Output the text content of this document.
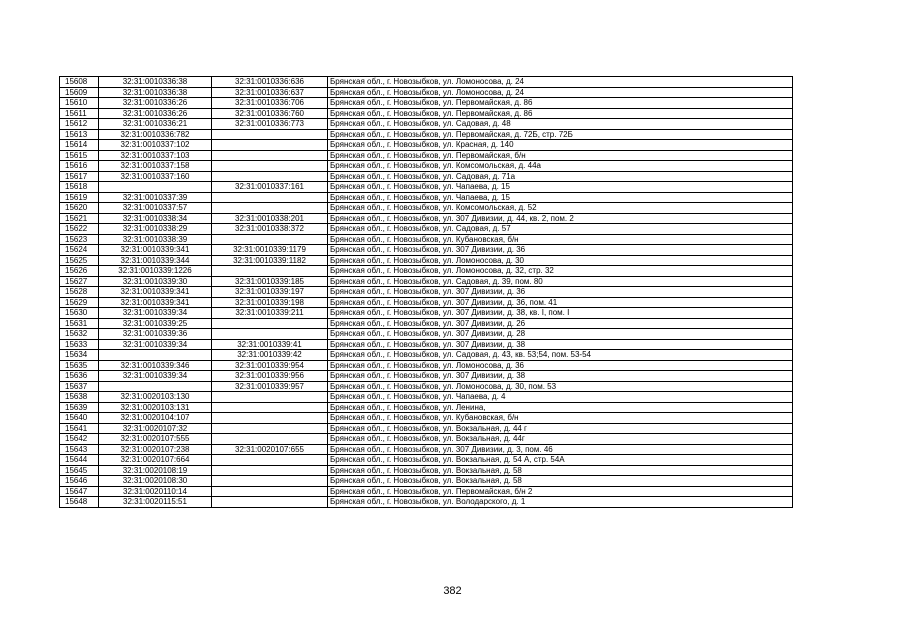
15608	32:31:0010336:38	32:31:0010336:636	Брянская обл., г. Новозыбков, ул. Ломоносова, д. 24
15609	32:31:0010336:38	32:31:0010336:637	Брянская обл., г. Новозыбков, ул. Ломоносова, д. 24
15610	32:31:0010336:26	32:31:0010336:706	Брянская обл., г. Новозыбков, ул. Первомайская, д. 86
15611	32:31:0010336:26	32:31:0010336:760	Брянская обл., г. Новозыбков, ул. Первомайская, д. 86
15612	32:31:0010336:21	32:31:0010336:773	Брянская обл., г. Новозыбков, ул. Садовая, д. 48
15613	32:31:0010336:782		Брянская обл., г. Новозыбков, ул. Первомайская, д. 72Б, стр. 72Б
15614	32:31:0010337:102		Брянская обл., г. Новозыбков, ул. Красная, д. 140
15615	32:31:0010337:103		Брянская обл., г. Новозыбков, ул. Первомайская, б/н
15616	32:31:0010337:158		Брянская обл., г. Новозыбков, ул. Комсомольская, д. 44а
15617	32:31:0010337:160		Брянская обл., г. Новозыбков, ул. Садовая, д. 71а
15618		32:31:0010337:161	Брянская обл., г. Новозыбков, ул. Чапаева, д. 15
15619	32:31:0010337:39		Брянская обл., г. Новозыбков, ул. Чапаева, д. 15
15620	32:31:0010337:57		Брянская обл., г. Новозыбков, ул. Комсомольская, д. 52
15621	32:31:0010338:34	32:31:0010338:201	Брянская обл., г. Новозыбков, ул. 307 Дивизии, д. 44, кв. 2, пом. 2
15622	32:31:0010338:29	32:31:0010338:372	Брянская обл., г. Новозыбков, ул. Садовая, д. 57
15623	32:31:0010338:39		Брянская обл., г. Новозыбков, ул. Кубановская, б/н
15624	32:31:0010339:341	32:31:0010339:1179	Брянская обл., г. Новозыбков, ул. 307 Дивизии, д. 36
15625	32:31:0010339:344	32:31:0010339:1182	Брянская обл., г. Новозыбков, ул. Ломоносова, д. 30
15626	32:31:0010339:1226		Брянская обл., г. Новозыбков, ул. Ломоносова, д. 32, стр. 32
15627	32:31:0010339:30	32:31:0010339:185	Брянская обл., г. Новозыбков, ул. Садовая, д. 39, пом. 80
15628	32:31:0010339:341	32:31:0010339:197	Брянская обл., г. Новозыбков, ул. 307 Дивизии, д. 36
15629	32:31:0010339:341	32:31:0010339:198	Брянская обл., г. Новозыбков, ул. 307 Дивизии, д. 36, пом. 41
15630	32:31:0010339:34	32:31:0010339:211	Брянская обл., г. Новозыбков, ул. 307 Дивизии, д. 38, кв. I, пом. I
15631	32:31:0010339:25		Брянская обл., г. Новозыбков, ул. 307 Дивизии, д. 26
15632	32:31:0010339:36		Брянская обл., г. Новозыбков, ул. 307 Дивизии, д. 28
15633	32:31:0010339:34	32:31:0010339:41	Брянская обл., г. Новозыбков, ул. 307 Дивизии, д. 38
15634		32:31:0010339:42	Брянская обл., г. Новозыбков, ул. Садовая, д. 43, кв. 53;54, пом. 53-54
15635	32:31:0010339:346	32:31:0010339:954	Брянская обл., г. Новозыбков, ул. Ломоносова, д. 36
15636	32:31:0010339:34	32:31:0010339:956	Брянская обл., г. Новозыбков, ул. 307 Дивизии, д. 38
15637		32:31:0010339:957	Брянская обл., г. Новозыбков, ул. Ломоносова, д. 30, пом. 53
15638	32:31:0020103:130		Брянская обл., г. Новозыбков, ул. Чапаева, д. 4
15639	32:31:0020103:131		Брянская обл., г. Новозыбков, ул. Ленина,
15640	32:31:0020104:107		Брянская обл., г. Новозыбков, ул. Кубановская, б/н
15641	32:31:0020107:32		Брянская обл., г. Новозыбков, ул. Вокзальная, д. 44 г
15642	32:31:0020107:555		Брянская обл., г. Новозыбков, ул. Вокзальная, д. 44г
15643	32:31:0020107:238	32:31:0020107:655	Брянская обл., г. Новозыбков, ул. 307 Дивизии, д. 3, пом. 46
15644	32:31:0020107:664		Брянская обл., г. Новозыбков, ул. Вокзальная, д. 54 А, стр. 54А
15645	32:31:0020108:19		Брянская обл., г. Новозыбков, ул. Вокзальная, д. 58
15646	32:31:0020108:30		Брянская обл., г. Новозыбков, ул. Вокзальная, д. 58
15647	32:31:0020110:14		Брянская обл., г. Новозыбков, ул. Первомайская, б/н 2
15648	32:31:0020115:51		Брянская обл., г. Новозыбков, ул. Володарского, д. 1
382
